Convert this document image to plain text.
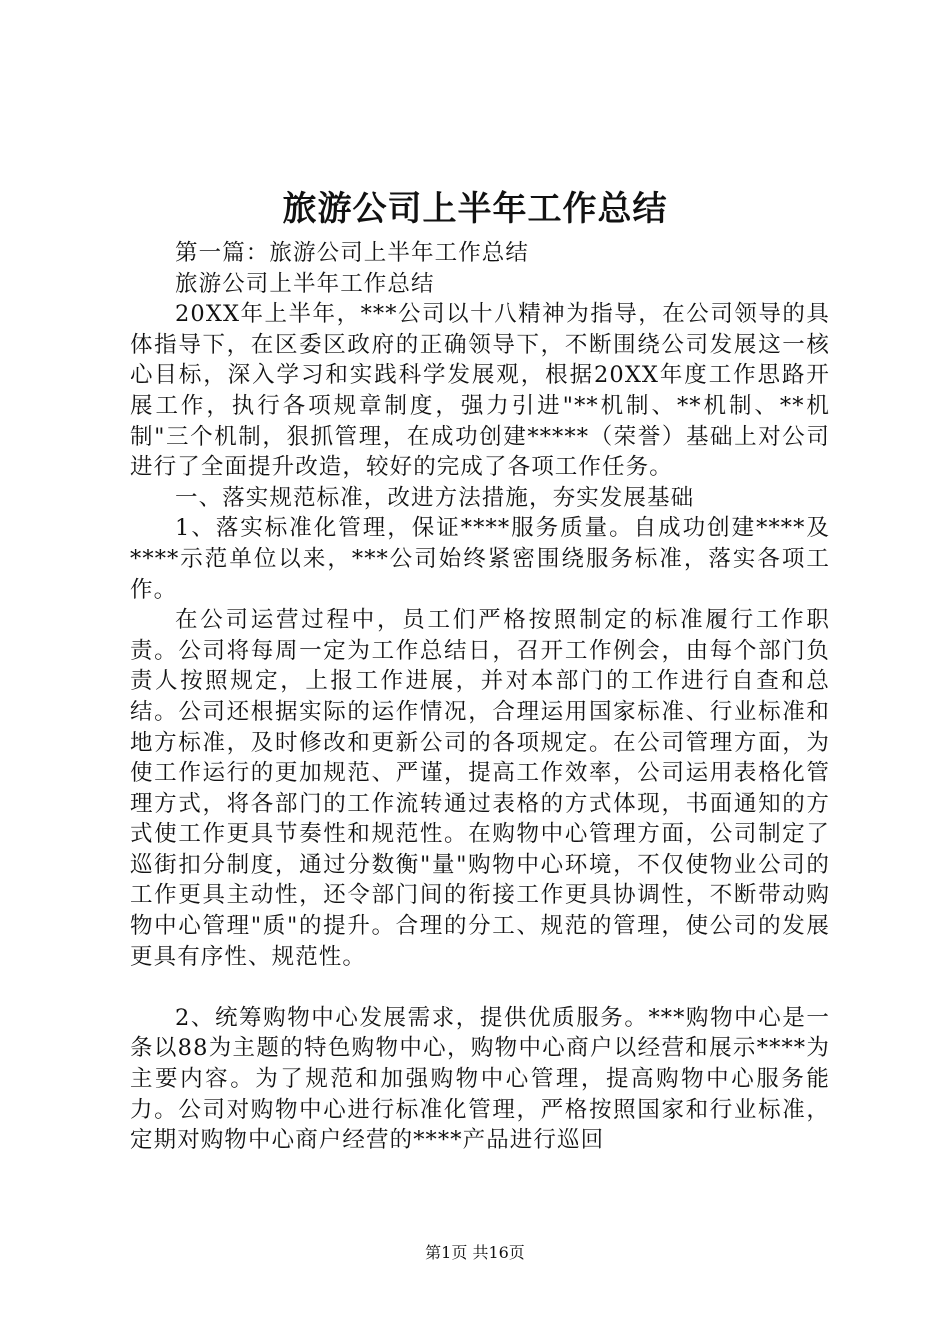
旅游公司上半年工作总结

第一篇：旅游公司上半年工作总结

旅游公司上半年工作总结

20XX年上半年，***公司以十八精神为指导，在公司领导的具体指导下，在区委区政府的正确领导下，不断围绕公司发展这一核心目标，深入学习和实践科学发展观，根据20XX年度工作思路开展工作，执行各项规章制度，强力引进"**机制、**机制、**机制"三个机制，狠抓管理，在成功创建*****（荣誉）基础上对公司进行了全面提升改造，较好的完成了各项工作任务。

一、落实规范标准，改进方法措施，夯实发展基础

1、落实标准化管理，保证****服务质量。自成功创建****及****示范单位以来，***公司始终紧密围绕服务标准，落实各项工作。

在公司运营过程中，员工们严格按照制定的标准履行工作职责。公司将每周一定为工作总结日，召开工作例会，由每个部门负责人按照规定，上报工作进展，并对本部门的工作进行自查和总结。公司还根据实际的运作情况，合理运用国家标准、行业标准和地方标准，及时修改和更新公司的各项规定。在公司管理方面，为使工作运行的更加规范、严谨，提高工作效率，公司运用表格化管理方式，将各部门的工作流转通过表格的方式体现，书面通知的方式使工作更具节奏性和规范性。在购物中心管理方面，公司制定了巡街扣分制度，通过分数衡"量"购物中心环境，不仅使物业公司的工作更具主动性，还令部门间的衔接工作更具协调性，不断带动购物中心管理"质"的提升。合理的分工、规范的管理，使公司的发展更具有序性、规范性。

2、统筹购物中心发展需求，提供优质服务。***购物中心是一条以88为主题的特色购物中心，购物中心商户以经营和展示****为主要内容。为了规范和加强购物中心管理，提高购物中心服务能力。公司对购物中心进行标准化管理，严格按照国家和行业标准，定期对购物中心商户经营的****产品进行巡回

第1页 共16页
